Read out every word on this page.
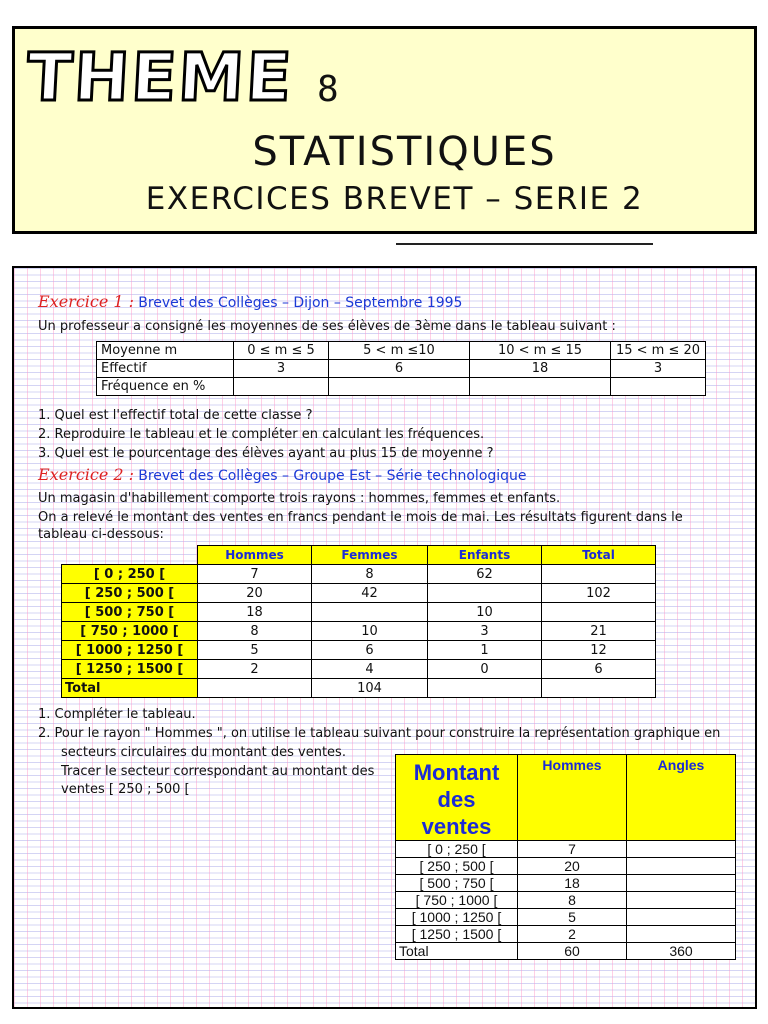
THEME 8
STATISTIQUES
EXERCICES BREVET – SERIE 2
Exercice 1 : Brevet des Collèges – Dijon – Septembre 1995
Un professeur a consigné les moyennes de ses élèves de 3ème dans le tableau suivant :
Moyenne m	0 ≤ m ≤ 5	5 < m ≤10	10 < m ≤ 15	15 < m ≤ 20
Effectif	3	6	18	3
Fréquence en %				
1. Quel est l'effectif total de cette classe ?
2. Reproduire le tableau et le compléter en calculant les fréquences.
3. Quel est le pourcentage des élèves ayant au plus 15 de moyenne ?
Exercice 2 : Brevet des Collèges – Groupe Est – Série technologique
Un magasin d'habillement comporte trois rayons : hommes, femmes et enfants.
On a relevé le montant des ventes en francs pendant le mois de mai. Les résultats figurent dans le
tableau ci-dessous:
	Hommes	Femmes	Enfants	Total
[ 0 ; 250 [	7	8	62	
[ 250 ; 500 [	20	42		102
[ 500 ; 750 [	18		10	
[ 750 ; 1000 [	8	10	3	21
[ 1000 ; 1250 [	5	6	1	12
[ 1250 ; 1500 [	2	4	0	6
Total		104		
1. Compléter le tableau.
2. Pour le rayon " Hommes ", on utilise le tableau suivant pour construire la représentation graphique en
secteurs circulaires du montant des ventes.
Tracer le secteur correspondant au montant des
ventes [ 250 ; 500 [
Montant
des
ventes	Hommes	Angles
[ 0 ; 250 [	7	
[ 250 ; 500 [	20	
[ 500 ; 750 [	18	
[ 750 ; 1000 [	8	
[ 1000 ; 1250 [	5	
[ 1250 ; 1500 [	2	
Total	60	360
